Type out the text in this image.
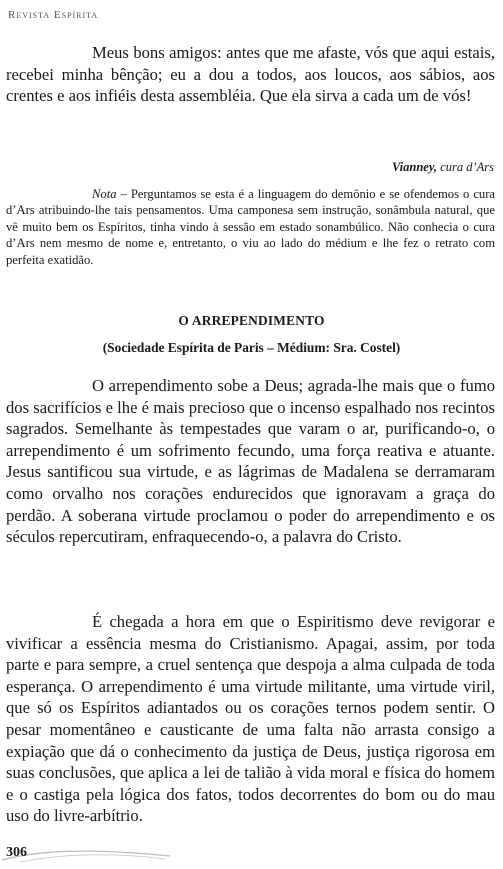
Revista Espírita

Meus bons amigos: antes que me afaste, vós que aqui estais, recebei minha bênção; eu a dou a todos, aos loucos, aos sábios, aos crentes e aos infiéis desta assembléia. Que ela sirva a cada um de vós!

Vianney, cura d’Ars

Nota – Perguntamos se esta é a linguagem do demônio e se ofendemos o cura d’Ars atribuindo-lhe tais pensamentos. Uma camponesa sem instrução, sonâmbula natural, que vê muito bem os Espíritos, tinha vindo à sessão em estado sonambúlico. Não conhecia o cura d’Ars nem mesmo de nome e, entretanto, o viu ao lado do médium e lhe fez o retrato com perfeita exatidão.

O ARREPENDIMENTO
(Sociedade Espírita de Paris – Médium: Sra. Costel)

O arrependimento sobe a Deus; agrada-lhe mais que o fumo dos sacrifícios e lhe é mais precioso que o incenso espalhado nos recintos sagrados. Semelhante às tempestades que varam o ar, purificando-o, o arrependimento é um sofrimento fecundo, uma força reativa e atuante. Jesus santificou sua virtude, e as lágrimas de Madalena se derramaram como orvalho nos corações endurecidos que ignoravam a graça do perdão. A soberana virtude proclamou o poder do arrependimento e os séculos repercutiram, enfraquecendo-o, a palavra do Cristo.

É chegada a hora em que o Espiritismo deve revigorar e vivificar a essência mesma do Cristianismo. Apagai, assim, por toda parte e para sempre, a cruel sentença que despoja a alma culpada de toda esperança. O arrependimento é uma virtude militante, uma virtude viril, que só os Espíritos adiantados ou os corações ternos podem sentir. O pesar momentâneo e causticante de uma falta não arrasta consigo a expiação que dá o conhecimento da justiça de Deus, justiça rigorosa em suas conclusões, que aplica a lei de talião à vida moral e física do homem e o castiga pela lógica dos fatos, todos decorrentes do bom ou do mau uso do livre-arbítrio.

306
